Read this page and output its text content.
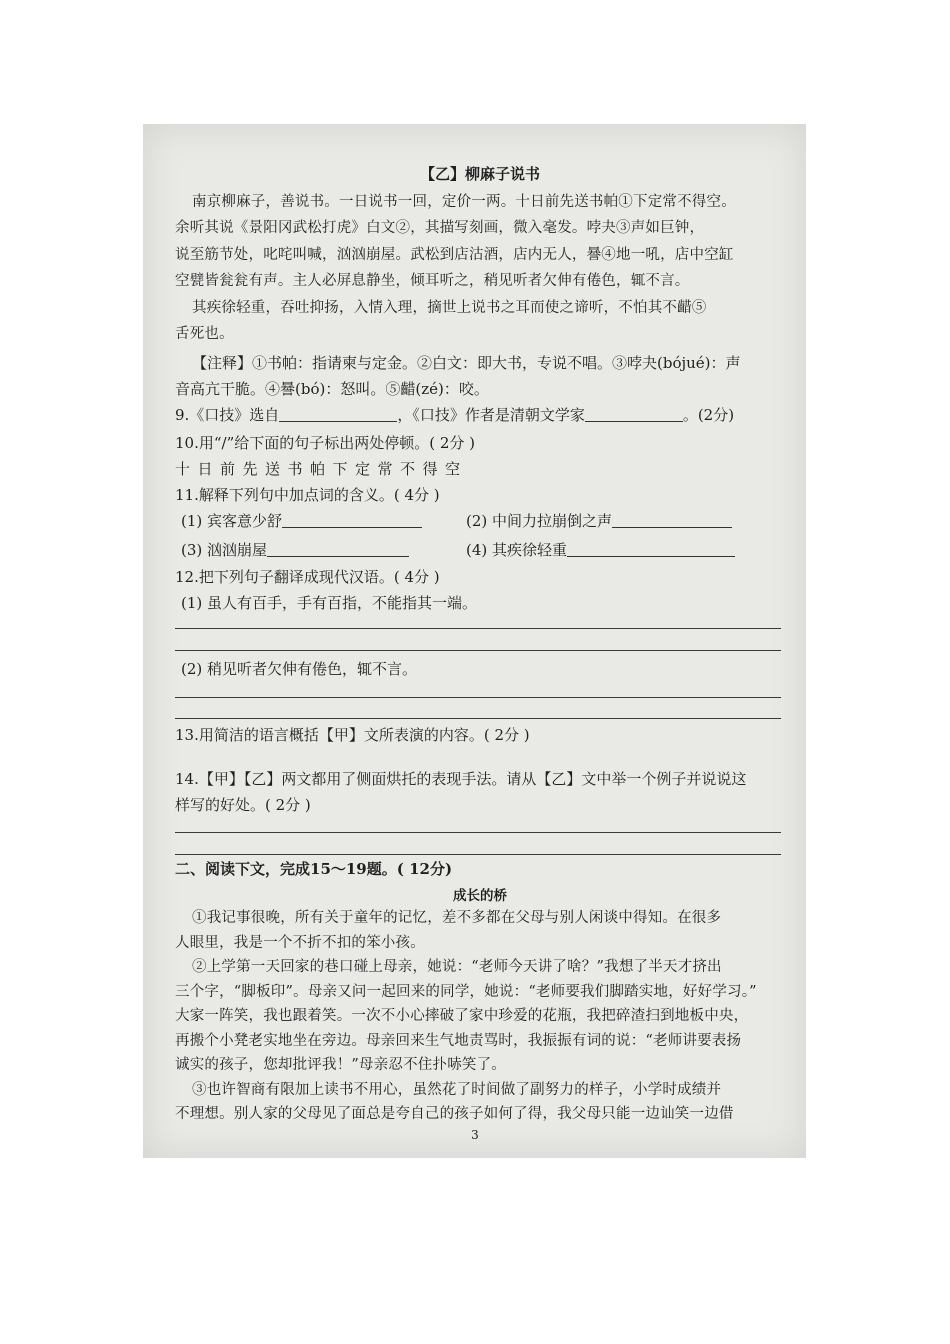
【乙】柳麻子说书
南京柳麻子，善说书。一日说书一回，定价一两。十日前先送书帕①下定常不得空。
余听其说《景阳冈武松打虎》白文②，其描写刻画，微入毫发。哱夬③声如巨钟，
说至筋节处，叱咤叫喊，汹汹崩屋。武松到店沽酒，店内无人，謈④地一吼，店中空缸
空甓皆瓮瓮有声。主人必屏息静坐，倾耳听之，稍见听者欠伸有倦色，辄不言。
其疾徐轻重，吞吐抑扬，入情入理，摘世上说书之耳而使之谛听，不怕其不齰⑤
舌死也。
【注释】①书帕：指请柬与定金。②白文：即大书，专说不唱。③哱夬(bójué)：声
音高亢干脆。④謈(bó)：怒叫。⑤齰(zé)：咬。
9.《口技》选自	，《口技》作者是清朝文学家	。(2分)
10.用“/”给下面的句子标出两处停顿。( 2分 )
十日前先送书帕下定常不得空
11.解释下列句中加点词的含义。( 4分 )
(1) 宾客意少舒	(2) 中间力拉崩倒之声
(3) 汹汹崩屋	(4) 其疾徐轻重
12.把下列句子翻译成现代汉语。( 4分 )
(1) 虽人有百手，手有百指，不能指其一端。
(2) 稍见听者欠伸有倦色，辄不言。
13.用简洁的语言概括【甲】文所表演的内容。( 2分 )
14.【甲】【乙】两文都用了侧面烘托的表现手法。请从【乙】文中举一个例子并说说这
样写的好处。( 2分 )
二、阅读下文，完成15～19题。( 12分)
成长的桥
①我记事很晚，所有关于童年的记忆，差不多都在父母与别人闲谈中得知。在很多
人眼里，我是一个不折不扣的笨小孩。
②上学第一天回家的巷口碰上母亲，她说：“老师今天讲了啥？”我想了半天才挤出
三个字，“脚板印”。母亲又问一起回来的同学，她说：“老师要我们脚踏实地，好好学习。”
大家一阵笑，我也跟着笑。一次不小心摔破了家中珍爱的花瓶，我把碎渣扫到地板中央，
再搬个小凳老实地坐在旁边。母亲回来生气地责骂时，我振振有词的说：“老师讲要表扬
诚实的孩子，您却批评我！”母亲忍不住扑哧笑了。
③也许智商有限加上读书不用心，虽然花了时间做了副努力的样子，小学时成绩并
不理想。别人家的父母见了面总是夸自己的孩子如何了得，我父母只能一边讪笑一边借
3
